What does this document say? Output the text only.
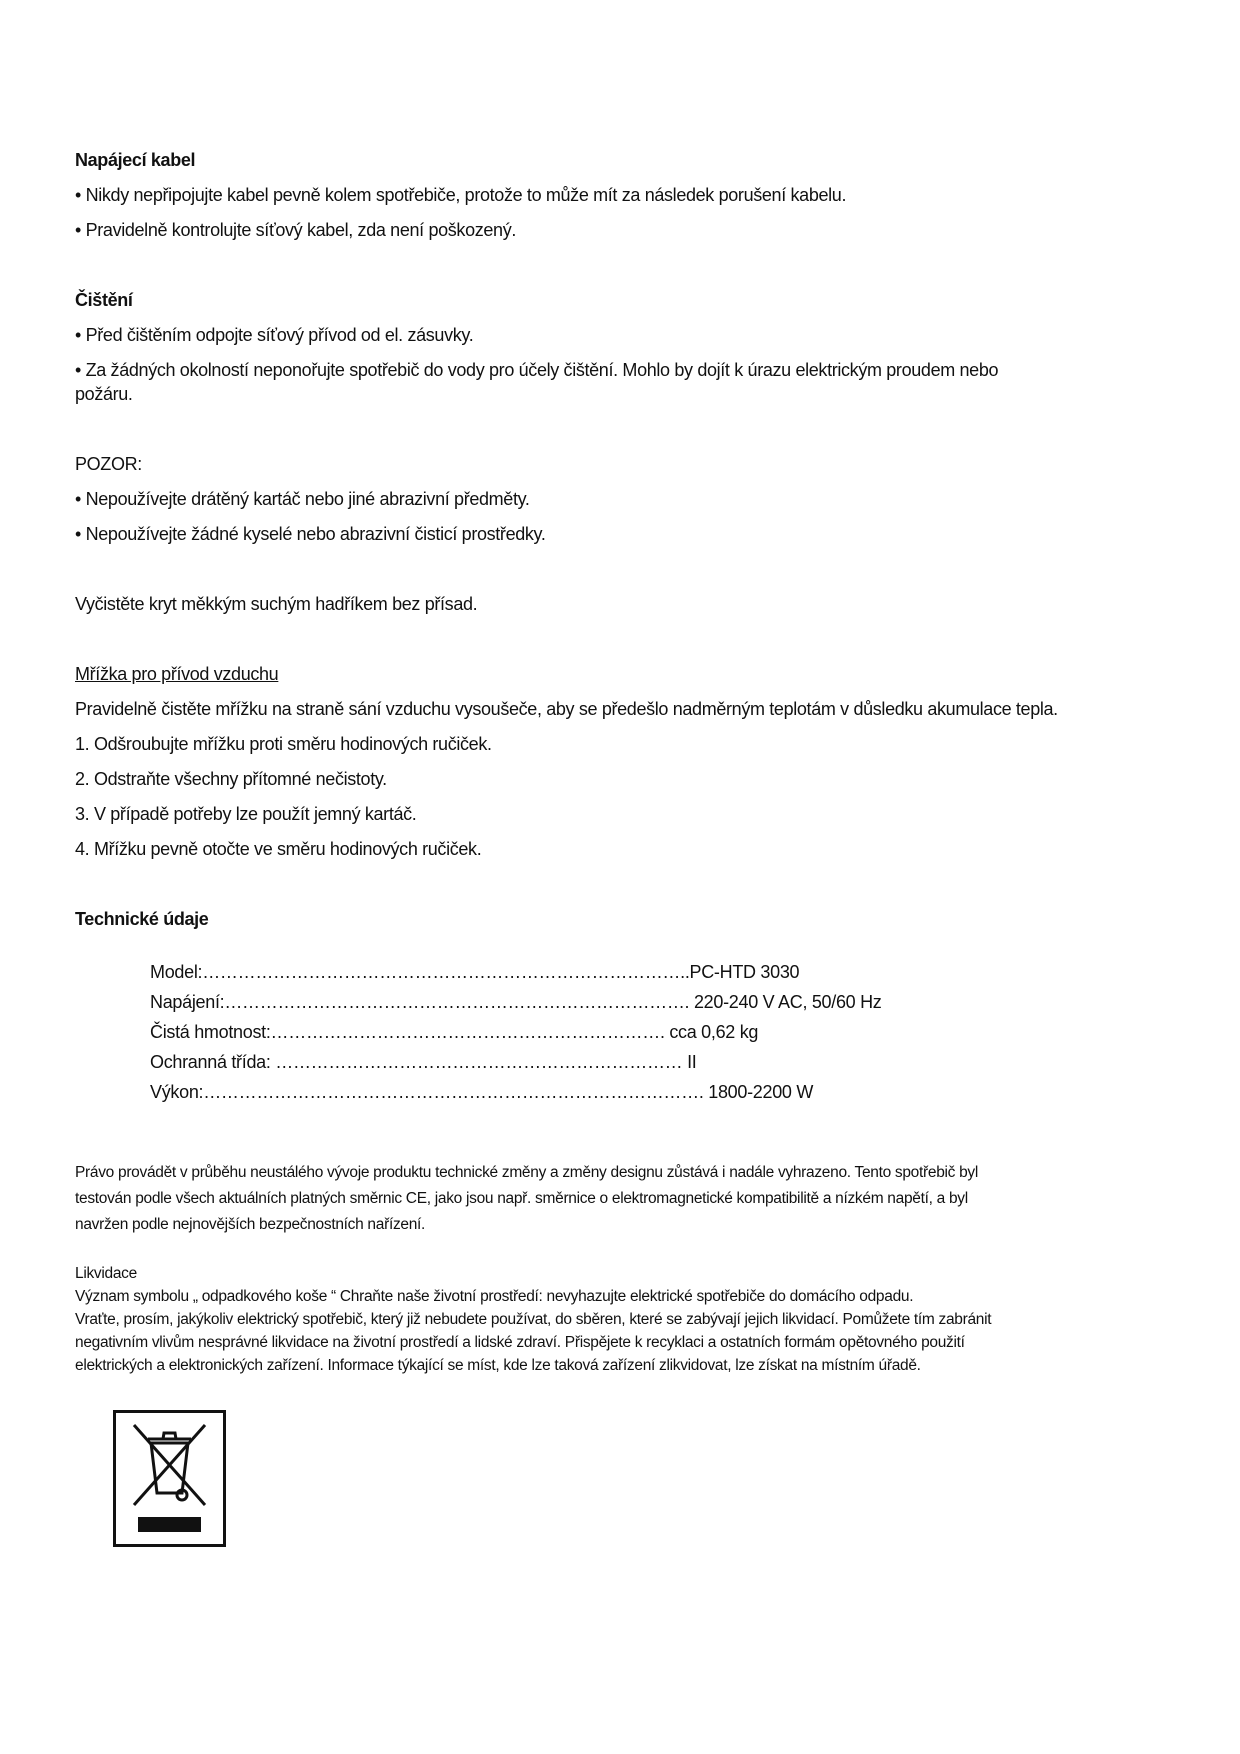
Napájecí kabel
• Nikdy nepřipojujte kabel pevně kolem spotřebiče, protože to může mít za následek porušení kabelu.
• Pravidelně kontrolujte síťový kabel, zda není poškozený.
Čištění
• Před čištěním odpojte síťový přívod od el. zásuvky.
• Za žádných okolností neponořujte spotřebič do vody pro účely čištění. Mohlo by dojít k úrazu elektrickým proudem nebo
požáru.
POZOR:
• Nepoužívejte drátěný kartáč nebo jiné abrazivní předměty.
• Nepoužívejte žádné kyselé nebo abrazivní čisticí prostředky.
Vyčistěte kryt měkkým suchým hadříkem bez přísad.
Mřížka pro přívod vzduchu
Pravidelně čistěte mřížku na straně sání vzduchu vysoušeče, aby se předešlo nadměrným teplotám v důsledku akumulace tepla.
1. Odšroubujte mřížku proti směru hodinových ručiček.
2. Odstraňte všechny přítomné nečistoty.
3. V případě potřeby lze použít jemný kartáč.
4. Mřížku pevně otočte ve směru hodinových ručiček.
Technické údaje
Model:………………………………………………………………………..PC-HTD 3030
Napájení:……………………………………………………………………. 220-240 V AC, 50/60 Hz
Čistá hmotnost:…………………………………………………………. cca 0,62 kg
Ochranná třída: …………………………………………………………… II
Výkon:…………………………………………………………………………. 1800-2200 W
Právo provádět v průběhu neustálého vývoje produktu technické změny a změny designu zůstává i nadále vyhrazeno. Tento spotřebič byl
testován podle všech aktuálních platných směrnic CE, jako jsou např. směrnice o elektromagnetické kompatibilitě a nízkém napětí, a byl
navržen podle nejnovějších bezpečnostních nařízení.
Likvidace
Význam symbolu „ odpadkového koše “ Chraňte naše životní prostředí: nevyhazujte elektrické spotřebiče do domácího odpadu.
Vraťte, prosím, jakýkoliv elektrický spotřebič, který již nebudete používat, do sběren, které se zabývají jejich likvidací. Pomůžete tím zabránit
negativním vlivům nesprávné likvidace na životní prostředí a lidské zdraví. Přispějete k recyklaci a ostatních formám opětovného použití
elektrických a elektronických zařízení. Informace týkající se míst, kde lze taková zařízení zlikvidovat, lze získat na místním úřadě.
